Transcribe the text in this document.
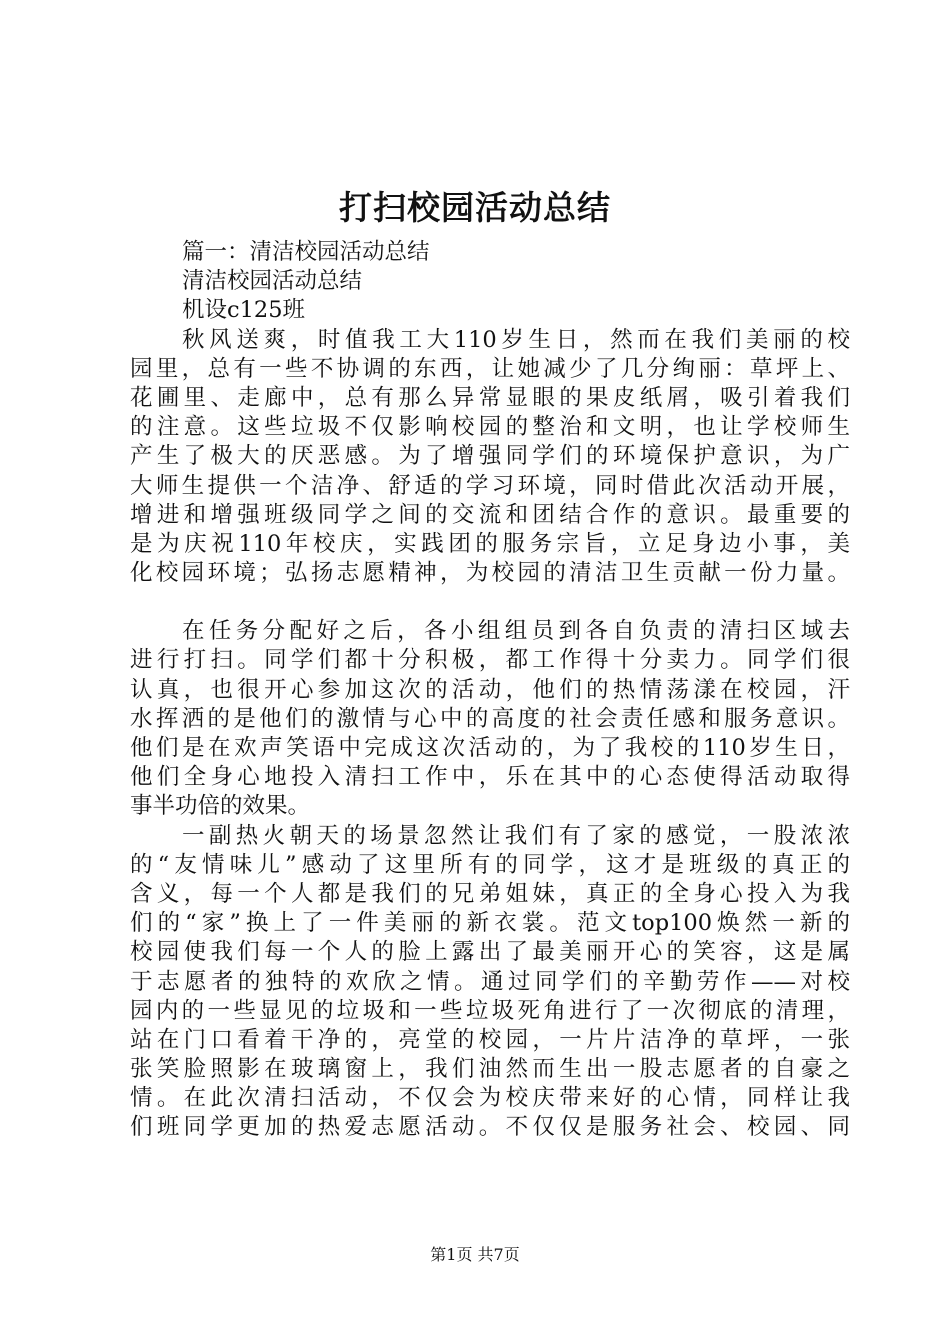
打扫校园活动总结
篇一：清洁校园活动总结
清洁校园活动总结
机设c125班
秋风送爽，时值我工大110岁生日，然而在我们美丽的校
园里，总有一些不协调的东西，让她减少了几分绚丽：草坪上、
花圃里、走廊中，总有那么异常显眼的果皮纸屑，吸引着我们
的注意。这些垃圾不仅影响校园的整治和文明，也让学校师生
产生了极大的厌恶感。为了增强同学们的环境保护意识，为广
大师生提供一个洁净、舒适的学习环境，同时借此次活动开展，
增进和增强班级同学之间的交流和团结合作的意识。最重要的
是为庆祝110年校庆，实践团的服务宗旨，立足身边小事，美
化校园环境；弘扬志愿精神，为校园的清洁卫生贡献一份力量。
在任务分配好之后，各小组组员到各自负责的清扫区域去
进行打扫。同学们都十分积极，都工作得十分卖力。同学们很
认真，也很开心参加这次的活动，他们的热情荡漾在校园，汗
水挥洒的是他们的激情与心中的高度的社会责任感和服务意识。
他们是在欢声笑语中完成这次活动的，为了我校的110岁生日，
他们全身心地投入清扫工作中，乐在其中的心态使得活动取得
事半功倍的效果。
一副热火朝天的场景忽然让我们有了家的感觉，一股浓浓
的“友情味儿”感动了这里所有的同学，这才是班级的真正的
含义，每一个人都是我们的兄弟姐妹，真正的全身心投入为我
们的“家”换上了一件美丽的新衣裳。范文top100焕然一新的
校园使我们每一个人的脸上露出了最美丽开心的笑容，这是属
于志愿者的独特的欢欣之情。通过同学们的辛勤劳作——对校
园内的一些显见的垃圾和一些垃圾死角进行了一次彻底的清理，
站在门口看着干净的，亮堂的校园，一片片洁净的草坪，一张
张笑脸照影在玻璃窗上，我们油然而生出一股志愿者的自豪之
情。在此次清扫活动，不仅会为校庆带来好的心情，同样让我
们班同学更加的热爱志愿活动。不仅仅是服务社会、校园、同
第1页 共7页
